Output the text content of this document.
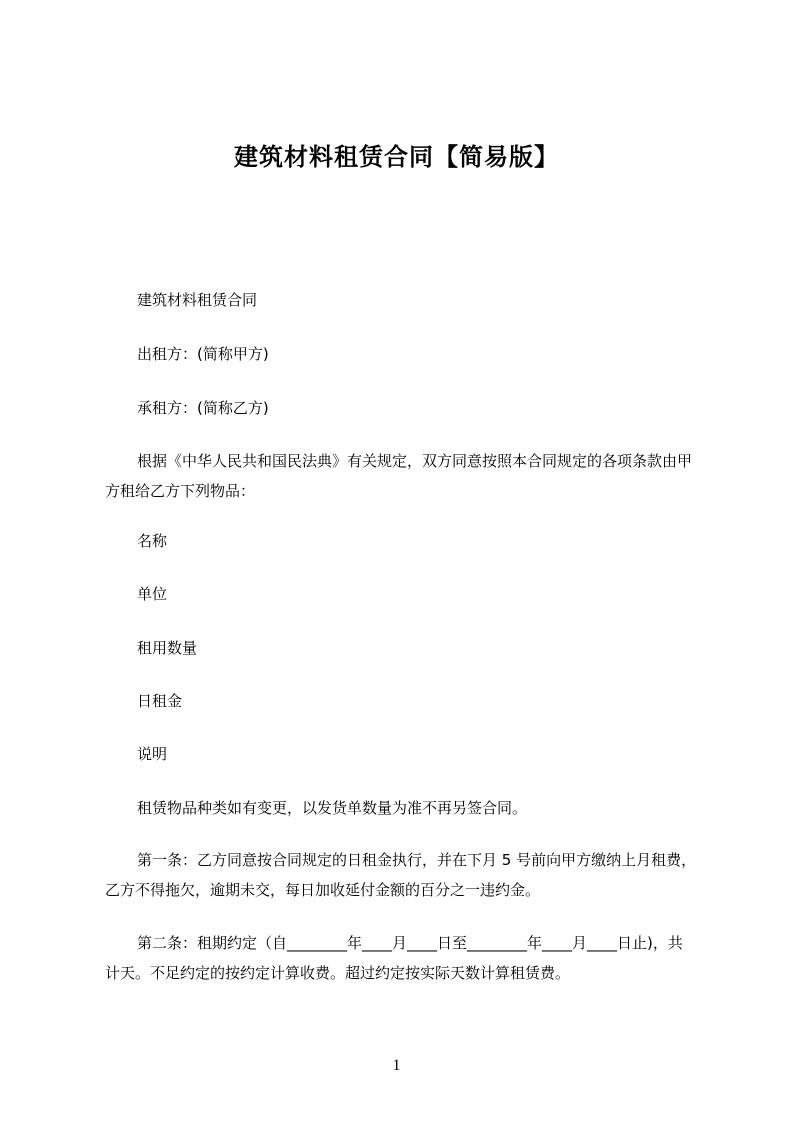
建筑材料租赁合同【简易版】
建筑材料租赁合同
出租方：(简称甲方)
承租方：(简称乙方)
根据《中华人民共和国民法典》有关规定，双方同意按照本合同规定的各项条款由甲方租给乙方下列物品：
名称
单位
租用数量
日租金
说明
租赁物品种类如有变更，以发货单数量为准不再另签合同。
第一条：乙方同意按合同规定的日租金执行，并在下月 5 号前向甲方缴纳上月租费，乙方不得拖欠，逾期未交，每日加收延付金额的百分之一违约金。
第二条：租期约定（自________年____月____日至________年____月____日止)，共计天。不足约定的按约定计算收费。超过约定按实际天数计算租赁费。
1
